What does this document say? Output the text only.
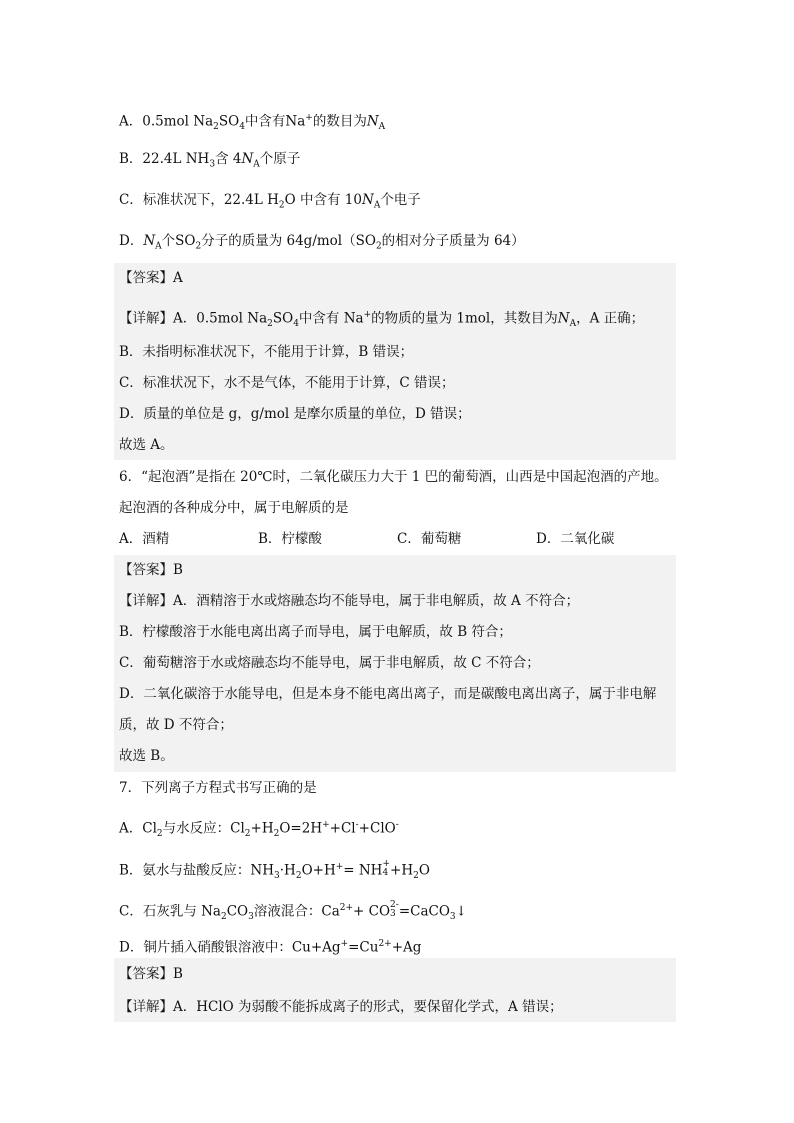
A．0.5mol $Na_2SO_4$中含有Na+的数目为$N_A$
B．22.4L $NH_3$含 $4N_A$个原子
C．标准状况下，22.4L $H_2O$ 中含有 $10N_A$个电子
D．$N_A$个$SO_2$分子的质量为 $64g/mol(SO_2$的相对分子质量为 64）
【答案】A
【详解】A．0.5mol $Na_2SO_4$中含有 Na+的物质的量为 1mol，其数目为$N_A$，A 正确；
B．未指明标准状况下，不能用于计算，B 错误；
C．标准状况下，水不是气体，不能用于计算，C 错误；
D．质量的单位是 g，g/mol 是摩尔质量的单位，D 错误；
故选 A。
6．“起泡酒”是指在 20℃时，二氧化碳压力大于 1 巴的葡萄酒，山西是中国起泡酒的产地。
起泡酒的各种成分中，属于电解质的是
A．酒精	B．柠檬酸	C．葡萄糖	D．二氧化碳
【答案】B
【详解】A．酒精溶于水或熔融态均不能导电，属于非电解质，故 A 不符合；
B．柠檬酸溶于水能电离出离子而导电，属于电解质，故 B 符合；
C．葡萄糖溶于水或熔融态均不能导电，属于非电解质，故 C 不符合；
D．二氧化碳溶于水能导电，但是本身不能电离出离子，而是碳酸电离出离子，属于非电解
质，故 D 不符合；
故选 B。
7．下列离子方程式书写正确的是
A．$Cl_2$与水反应：$Cl_2+H_2O=2H^++Cl^-+ClO^-$
B．氨水与盐酸反应：$NH_3\cdot H_2O+H^+=$ NH +
$4 +H_2O$
C．石灰乳与 $Na_2CO_3$溶液混合：$Ca^{2+}+$ CO 2-
3 =CaCO$_3$↓
D．铜片插入硝酸银溶液中：$Cu+Ag^+=Cu^{2+}+Ag$
【答案】B
【详解】A．HClO 为弱酸不能拆成离子的形式，要保留化学式，A 错误；
